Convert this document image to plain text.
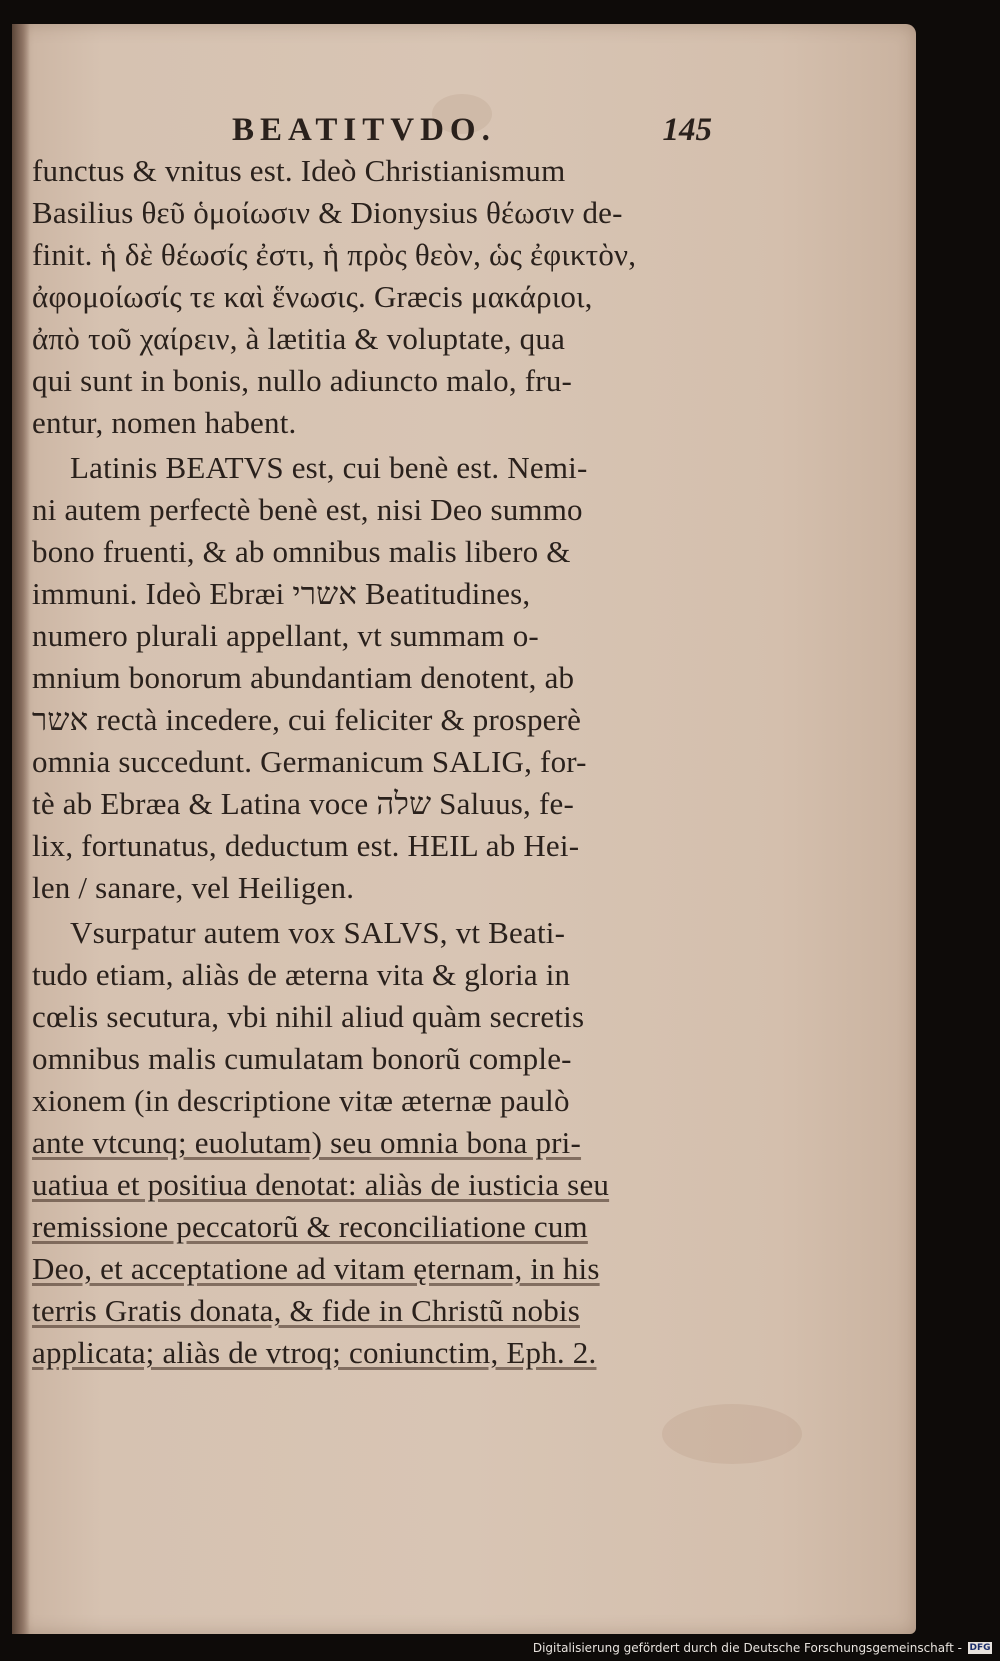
BEATITVDO.	145
functus & vnitus est. Ideò Christianismum
Basilius θεῦ ὁμοίωσιν & Dionysius θέωσιν de-
finit. ἡ δὲ θέωσίς ἐστι, ἡ πρὸς θεὸν, ὡς ἐφικτὸν,
ἀφομοίωσίς τε καὶ ἕνωσις. Græcis μακάριοι,
ἀπὸ τοῦ χαίρειν, à lætitia & voluptate, qua
qui sunt in bonis, nullo adiuncto malo, fru-
entur, nomen habent.
Latinis BEATVS est, cui benè est. Nemi-
ni autem perfectè benè est, nisi Deo summo
bono fruenti, & ab omnibus malis libero &
immuni. Ideò Ebræi אשרי Beatitudines,
numero plurali appellant, vt summam o-
mnium bonorum abundantiam denotent, ab
אשר rectà incedere, cui feliciter & prosperè
omnia succedunt. Germanicum SALIG, for-
tè ab Ebræa & Latina voce שלה Saluus, fe-
lix, fortunatus, deductum est. HEIL ab Hei-
len / sanare, vel Heiligen.
Vsurpatur autem vox SALVS, vt Beati-
tudo etiam, aliàs de æterna vita & gloria in
cœlis secutura, vbi nihil aliud quàm secretis
omnibus malis cumulatam bonorũ comple-
xionem (in descriptione vitæ æternæ paulò
ante vtcunq; euolutam) seu omnia bona pri-
uatiua et positiua denotat: aliàs de iusticia seu
remissione peccatorũ & reconciliatione cum
Deo, et acceptatione ad vitam ęternam, in his
terris Gratis donata, & fide in Christũ nobis
applicata; aliàs de vtroq; coniunctim, Eph. 2.
Digitalisierung gefördert durch die Deutsche Forschungsgemeinschaft - DFG
